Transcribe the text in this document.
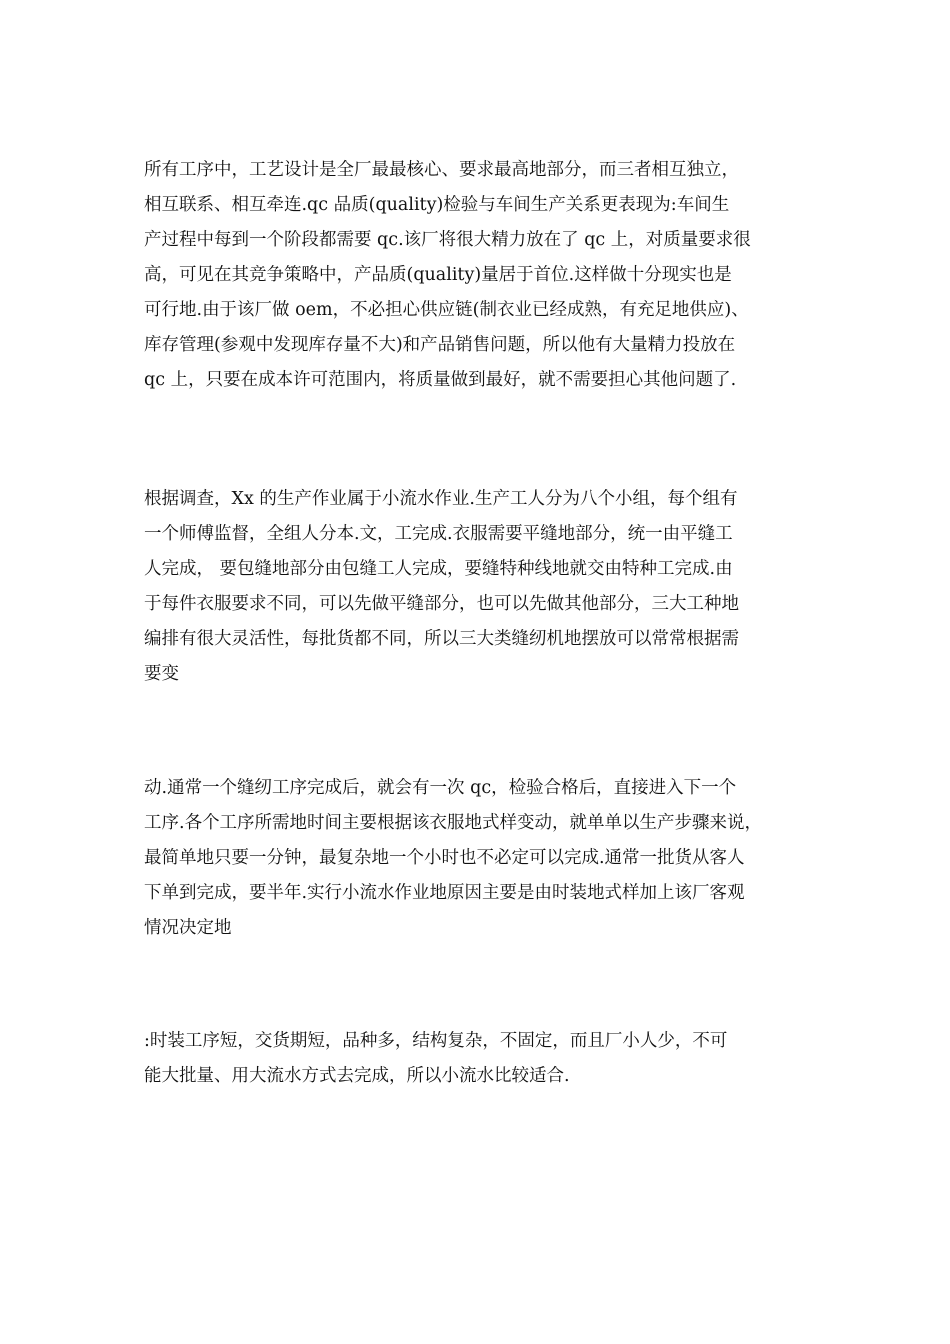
所有工序中，工艺设计是全厂最最核心、要求最高地部分，而三者相互独立，
相互联系、相互牵连.qc 品质(quality)检验与车间生产关系更表现为:车间生
产过程中每到一个阶段都需要 qc.该厂将很大精力放在了 qc 上，对质量要求很
高，可见在其竞争策略中，产品质(quality)量居于首位.这样做十分现实也是
可行地.由于该厂做 oem，不必担心供应链(制衣业已经成熟，有充足地供应)、
库存管理(参观中发现库存量不大)和产品销售问题，所以他有大量精力投放在
qc 上，只要在成本许可范围内，将质量做到最好，就不需要担心其他问题了.

根据调查，Xx 的生产作业属于小流水作业.生产工人分为八个小组，每个组有
一个师傅监督，全组人分本.文，工完成.衣服需要平缝地部分，统一由平缝工
人完成， 要包缝地部分由包缝工人完成，要缝特种线地就交由特种工完成.由
于每件衣服要求不同，可以先做平缝部分，也可以先做其他部分，三大工种地
编排有很大灵活性，每批货都不同，所以三大类缝纫机地摆放可以常常根据需
要变

动.通常一个缝纫工序完成后，就会有一次 qc，检验合格后，直接进入下一个
工序.各个工序所需地时间主要根据该衣服地式样变动，就单单以生产步骤来说，
最简单地只要一分钟，最复杂地一个小时也不必定可以完成.通常一批货从客人
下单到完成，要半年.实行小流水作业地原因主要是由时装地式样加上该厂客观
情况决定地

:时装工序短，交货期短，品种多，结构复杂，不固定，而且厂小人少，不可
能大批量、用大流水方式去完成，所以小流水比较适合.
